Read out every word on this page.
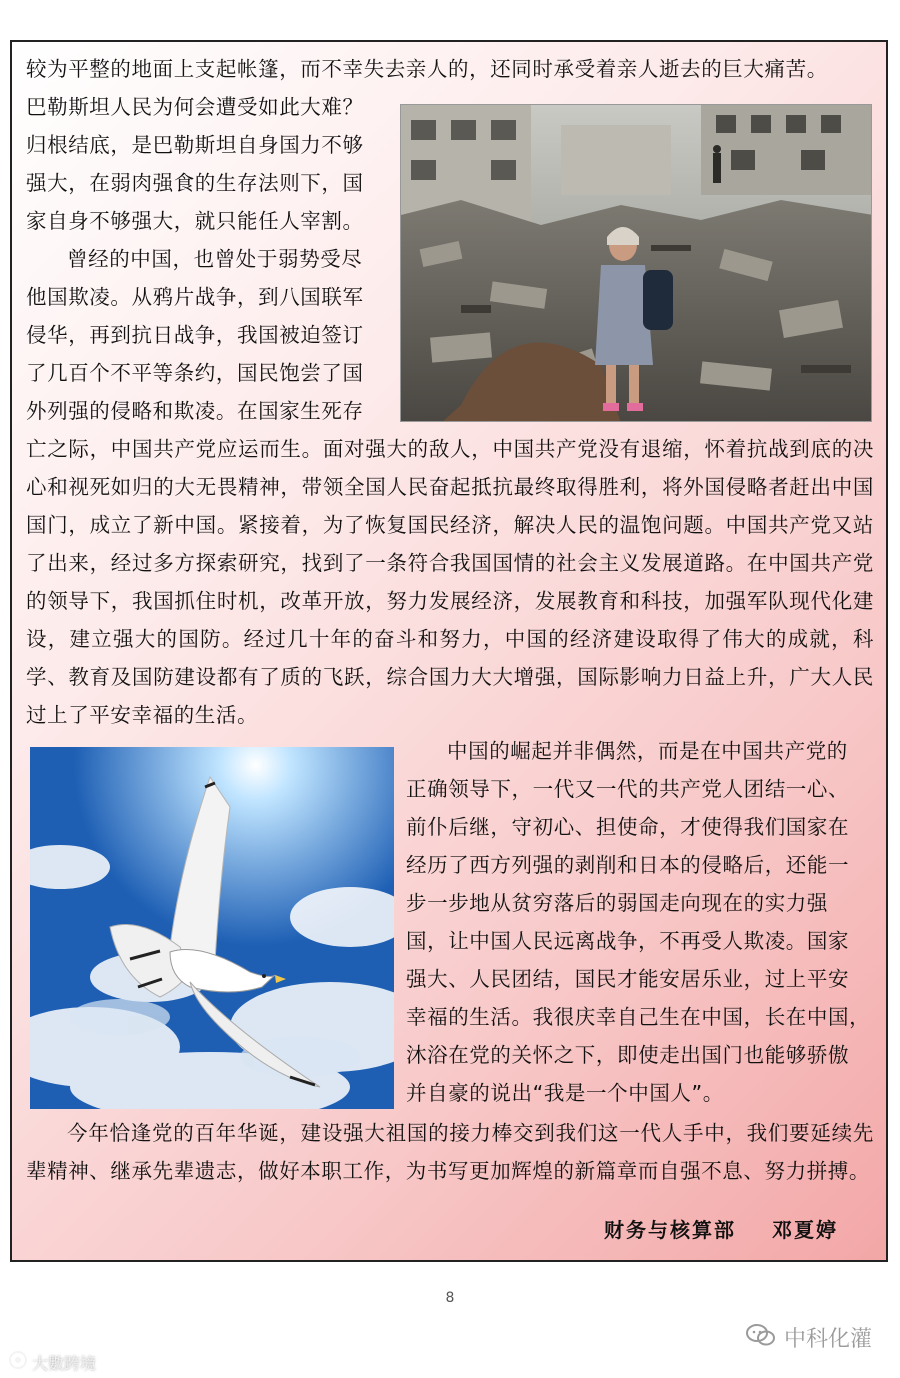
较为平整的地面上支起帐篷，而不幸失去亲人的，还同时承受着亲人逝去的巨大痛苦。

巴勒斯坦人民为何会遭受如此大难？
归根结底，是巴勒斯坦自身国力不够
强大，在弱肉强食的生存法则下，国
家自身不够强大，就只能任人宰割。
曾经的中国，也曾处于弱势受尽
他国欺凌。从鸦片战争，到八国联军
侵华，再到抗日战争，我国被迫签订
了几百个不平等条约，国民饱尝了国
外列强的侵略和欺凌。在国家生死存

亡之际，中国共产党应运而生。面对强大的敌人，中国共产党没有退缩，怀着抗战到底的决心和视死如归的大无畏精神，带领全国人民奋起抵抗最终取得胜利，将外国侵略者赶出中国国门，成立了新中国。紧接着，为了恢复国民经济，解决人民的温饱问题。中国共产党又站了出来，经过多方探索研究，找到了一条符合我国国情的社会主义发展道路。在中国共产党的领导下，我国抓住时机，改革开放，努力发展经济，发展教育和科技，加强军队现代化建设，建立强大的国防。经过几十年的奋斗和努力，中国的经济建设取得了伟大的成就，科学、教育及国防建设都有了质的飞跃，综合国力大大增强，国际影响力日益上升，广大人民过上了平安幸福的生活。

中国的崛起并非偶然，而是在中国共产党的
正确领导下，一代又一代的共产党人团结一心、
前仆后继，守初心、担使命，才使得我们国家在
经历了西方列强的剥削和日本的侵略后，还能一
步一步地从贫穷落后的弱国走向现在的实力强
国，让中国人民远离战争，不再受人欺凌。国家
强大、人民团结，国民才能安居乐业，过上平安
幸福的生活。我很庆幸自己生在中国，长在中国，
沐浴在党的关怀之下，即使走出国门也能够骄傲
并自豪的说出“我是一个中国人”。

今年恰逢党的百年华诞，建设强大祖国的接力棒交到我们这一代人手中，我们要延续先辈精神、继承先辈遗志，做好本职工作，为书写更加辉煌的新篇章而自强不息、努力拼搏。

财务与核算部 邓夏婷
8
中科化灌
大數跨境
